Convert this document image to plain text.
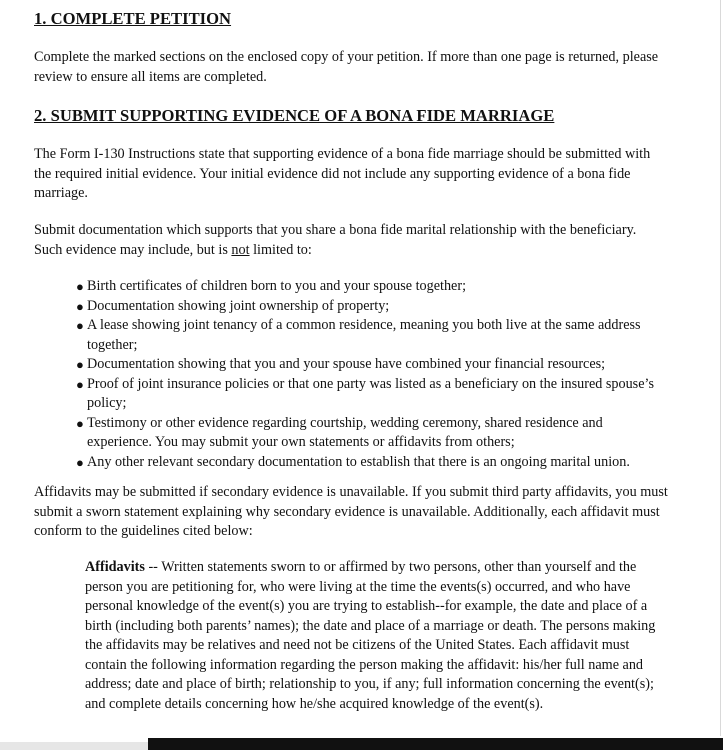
1. COMPLETE PETITION

Complete the marked sections on the enclosed copy of your petition. If more than one page is returned, please review to ensure all items are completed.

2. SUBMIT SUPPORTING EVIDENCE OF A BONA FIDE MARRIAGE

The Form I-130 Instructions state that supporting evidence of a bona fide marriage should be submitted with the required initial evidence. Your initial evidence did not include any supporting evidence of a bona fide marriage.

Submit documentation which supports that you share a bona fide marital relationship with the beneficiary. Such evidence may include, but is not limited to:

● Birth certificates of children born to you and your spouse together;
● Documentation showing joint ownership of property;
● A lease showing joint tenancy of a common residence, meaning you both live at the same address together;
● Documentation showing that you and your spouse have combined your financial resources;
● Proof of joint insurance policies or that one party was listed as a beneficiary on the insured spouse’s policy;
● Testimony or other evidence regarding courtship, wedding ceremony, shared residence and experience. You may submit your own statements or affidavits from others;
● Any other relevant secondary documentation to establish that there is an ongoing marital union.

Affidavits may be submitted if secondary evidence is unavailable. If you submit third party affidavits, you must submit a sworn statement explaining why secondary evidence is unavailable. Additionally, each affidavit must conform to the guidelines cited below:

Affidavits -- Written statements sworn to or affirmed by two persons, other than yourself and the person you are petitioning for, who were living at the time the events(s) occurred, and who have personal knowledge of the event(s) you are trying to establish--for example, the date and place of a birth (including both parents’ names); the date and place of a marriage or death. The persons making the affidavits may be relatives and need not be citizens of the United States. Each affidavit must contain the following information regarding the person making the affidavit: his/her full name and address; date and place of birth; relationship to you, if any; full information concerning the event(s); and complete details concerning how he/she acquired knowledge of the event(s).
